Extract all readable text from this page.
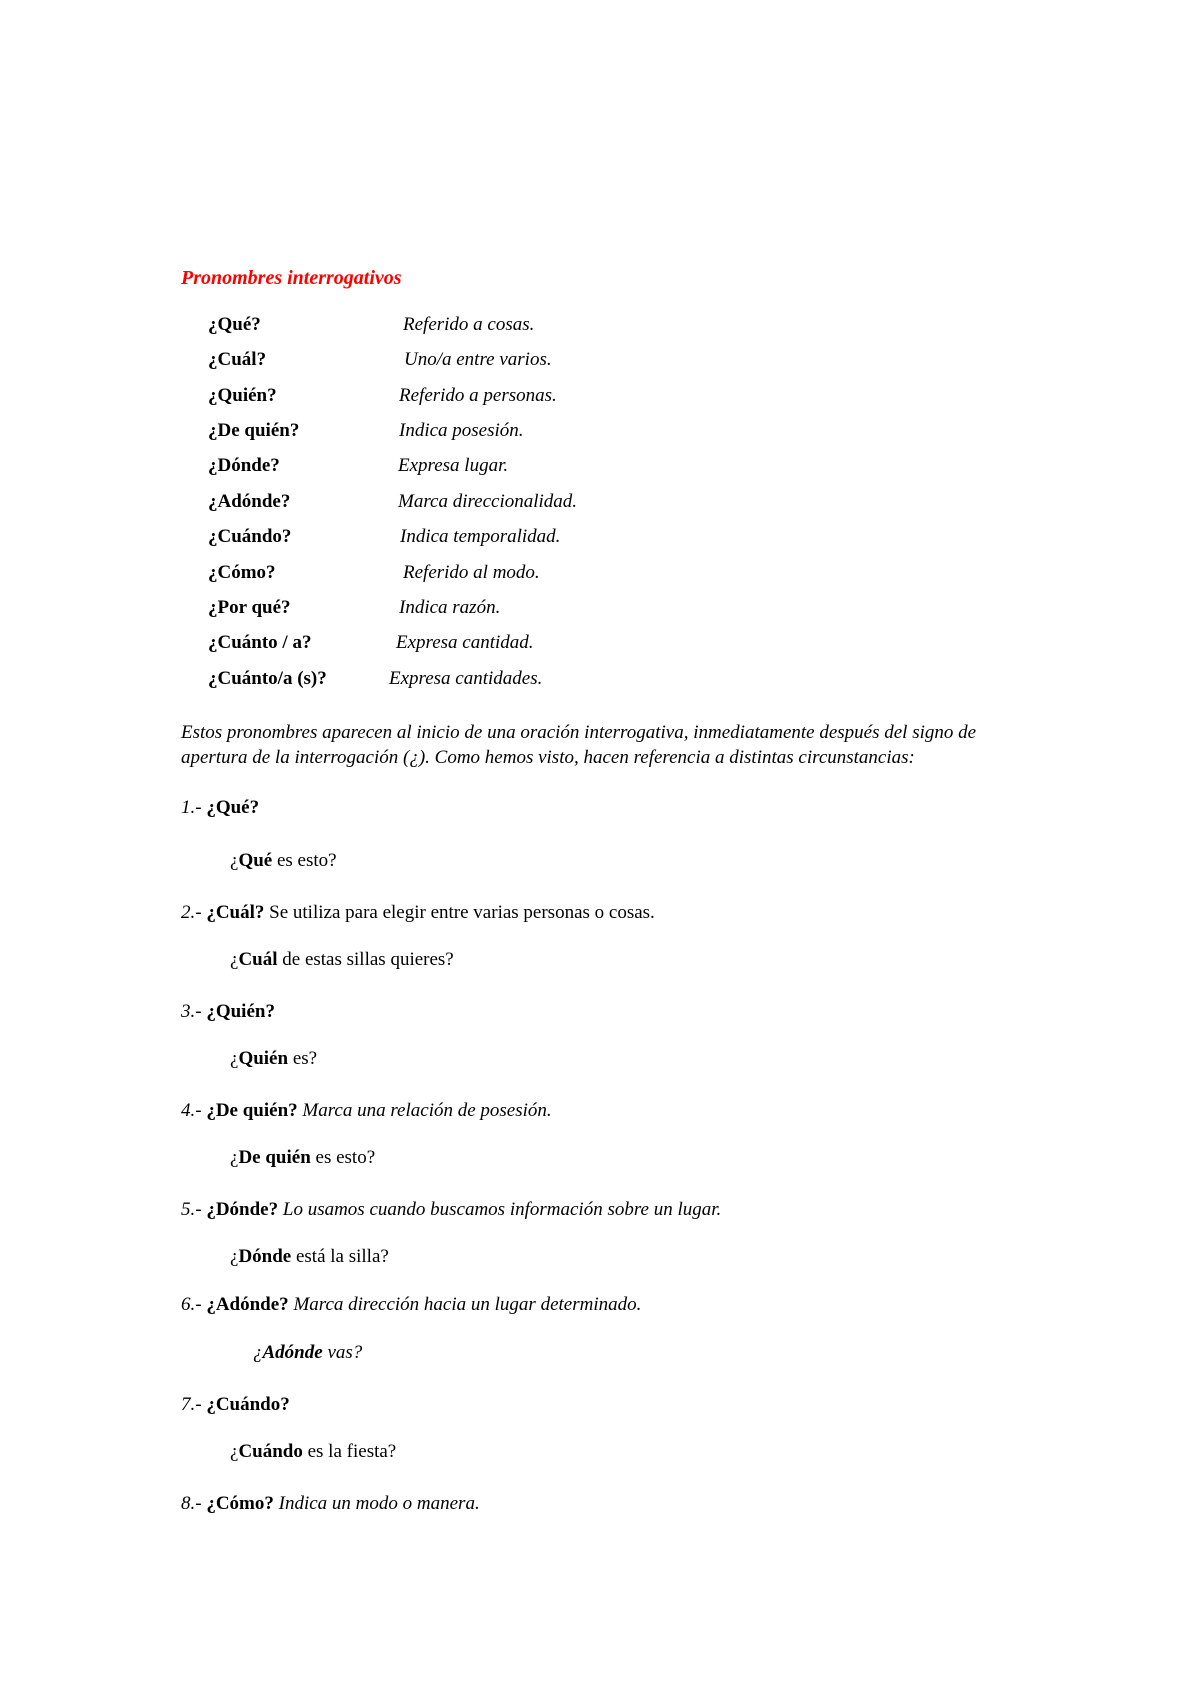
Pronombres interrogativos
¿Qué?	Referido a cosas.
¿Cuál?	Uno/a entre varios.
¿Quién?	Referido a personas.
¿De quién?	Indica posesión.
¿Dónde?	Expresa lugar.
¿Adónde?	Marca direccionalidad.
¿Cuándo?	Indica temporalidad.
¿Cómo?	Referido al modo.
¿Por qué?	Indica razón.
¿Cuánto / a?	Expresa cantidad.
¿Cuánto/a (s)?	Expresa cantidades.
Estos pronombres aparecen al inicio de una oración interrogativa, inmediatamente después del signo de apertura de la interrogación (¿). Como hemos visto, hacen referencia a distintas circunstancias:
1.- ¿Qué?
¿Qué es esto?
2.- ¿Cuál? Se utiliza para elegir entre varias personas o cosas.
¿Cuál de estas sillas quieres?
3.- ¿Quién?
¿Quién es?
4.- ¿De quién? Marca una relación de posesión.
¿De quién es esto?
5.- ¿Dónde? Lo usamos cuando buscamos información sobre un lugar.
¿Dónde está la silla?
6.- ¿Adónde? Marca dirección hacia un lugar determinado.
¿Adónde vas?
7.- ¿Cuándo?
¿Cuándo es la fiesta?
8.- ¿Cómo? Indica un modo o manera.
